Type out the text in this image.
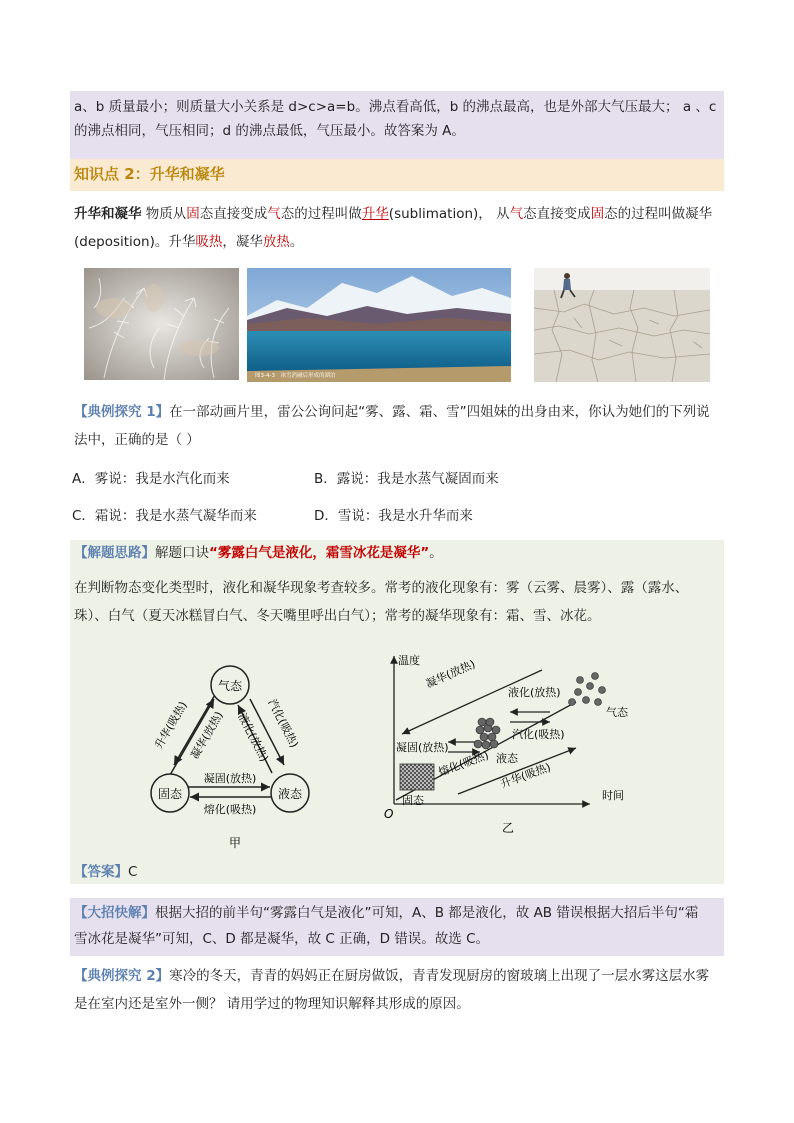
a、b 质量最小；则质量大小关系是 d>c>a=b。沸点看高低，b 的沸点最高，也是外部大气压最大； a 、c

的沸点相同，气压相同；d 的沸点最低，气压最小。故答案为 A。

知识点 2：升华和凝华

升华和凝华 物质从固态直接变成气态的过程叫做升华(sublimation)， 从气态直接变成固态的过程叫做凝华

(deposition)。升华吸热，凝华放热。

图3-4-3　冰雪消融后形成的湖泊

【典例探究 1】在一部动画片里，雷公公询问起“雾、露、霜、雪”四姐妹的出身由来，你认为她们的下列说

法中，正确的是（ ）

A．雾说：我是水汽化而来	B．露说：我是水蒸气凝固而来
C．霜说：我是水蒸气凝华而来	D．雪说：我是水升华而来

【解题思路】解题口诀“雾露白气是液化，霜雪冰花是凝华”。

在判断物态变化类型时，液化和凝华现象考查较多。常考的液化现象有：雾（云雾、晨雾）、露（露水、

珠）、白气（夏天冰糕冒白气、冬天嘴里呼出白气）；常考的凝华现象有：霜、雪、冰花。

气态
固态	液态
升华(吸热)
凝华(放热)	汽化(吸热)
液化(放热)
凝固(放热)
熔化(吸热)
甲
温度
时间
O
凝华(放热)
液化(放热)
汽化(吸热)
凝固(放热)
熔化(吸热) 升华(吸热)
气态
液态
固态
乙

【答案】C

【大招快解】根据大招的前半句“雾露白气是液化”可知，A、B 都是液化，故 AB 错误根据大招后半句“霜

雪冰花是凝华”可知，C、D 都是凝华，故 C 正确，D 错误。故选 C。

【典例探究 2】寒冷的冬天，青青的妈妈正在厨房做饭，青青发现厨房的窗玻璃上出现了一层水雾这层水雾

是在室内还是室外一侧？ 请用学过的物理知识解释其形成的原因。
